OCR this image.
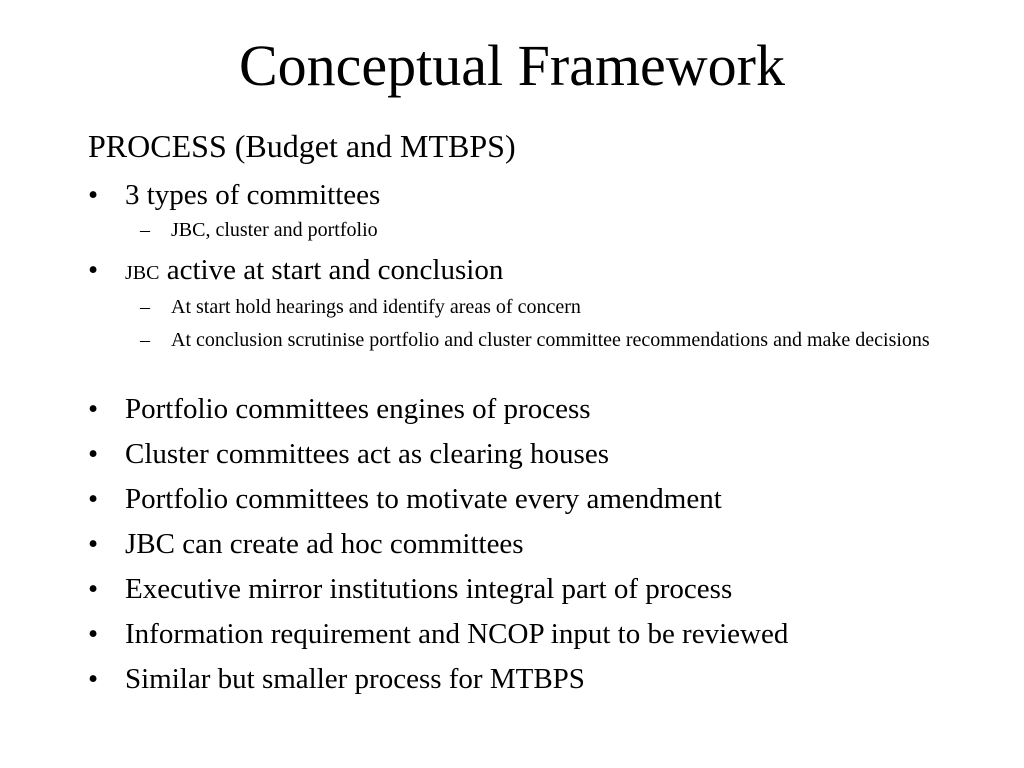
Conceptual Framework
PROCESS (Budget and MTBPS)
• 3 types of committees
– JBC, cluster and portfolio
• JBC active at start and conclusion
– At start hold hearings and identify areas of concern
– At conclusion scrutinise portfolio and cluster committee recommendations and make decisions
• Portfolio committees engines of process
• Cluster committees act as clearing houses
• Portfolio committees to motivate every amendment
• JBC can create ad hoc committees
• Executive mirror institutions integral part of process
• Information requirement and NCOP input to be reviewed
• Similar but smaller process for MTBPS
